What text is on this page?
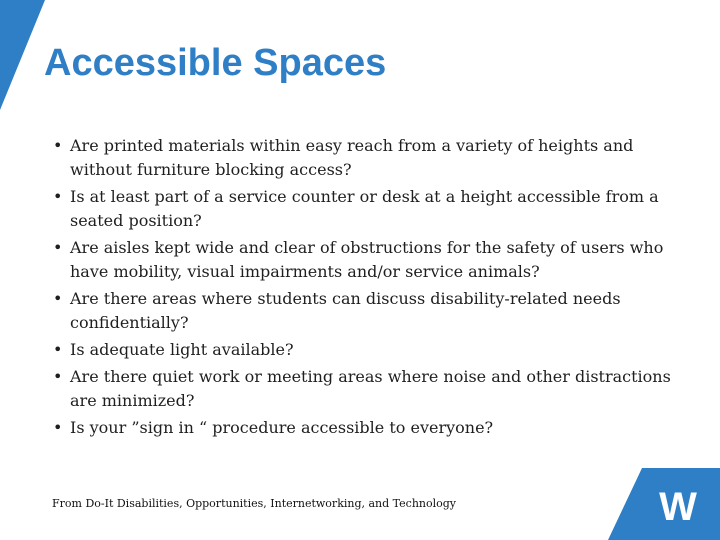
Accessible Spaces
• Are printed materials within easy reach from a variety of heights and without furniture blocking access?
• Is at least part of a service counter or desk at a height accessible from a seated position?
• Are aisles kept wide and clear of obstructions for the safety of users who have mobility, visual impairments and/or service animals?
• Are there areas where students can discuss disability-related needs confidentially?
• Is adequate light available?
• Are there quiet work or meeting areas where noise and other distractions are minimized?
• Is your ”sign in “ procedure accessible to everyone?
From Do-It Disabilities, Opportunities, Internetworking, and Technology	W
